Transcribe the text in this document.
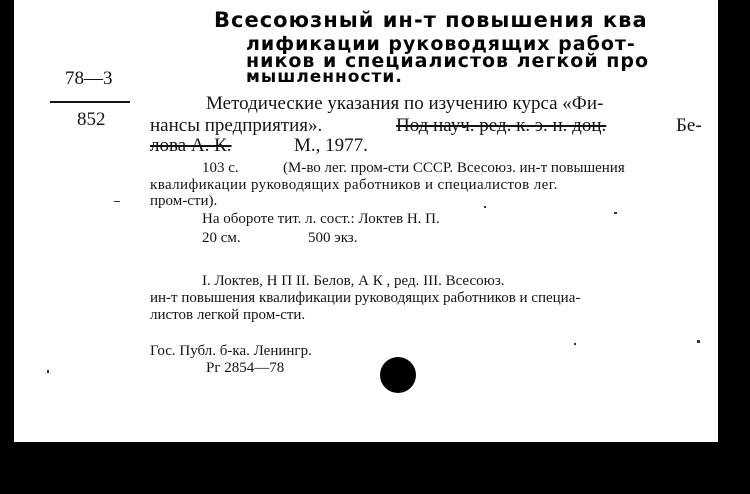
Всесоюзный ин-т повышения ква
лификации руководящих работ-
ников и специалистов легкой про
мышленности.
78—3
852
Методические указания по изучению курса «Фи-
нансы предприятия».	Под науч. ред. к. э. н. доц.	Бе-
лова А. К.	М., 1977.
103 с.	(М-во лег. пром-сти СССР. Всесоюз. ин-т повышения
квалификации руководящих работников и специалистов лег.
пром-сти).
На обороте тит. л. сост.: Локтев Н. П.
20 см.	500 экз.
I. Локтев, Н П II. Белов, А К , ред. III. Всесоюз.
ин-т повышения квалификации руководящих работников и специа-
листов легкой пром-сти.
Гос. Публ. б-ка. Ленингр.
Рг 2854—78
